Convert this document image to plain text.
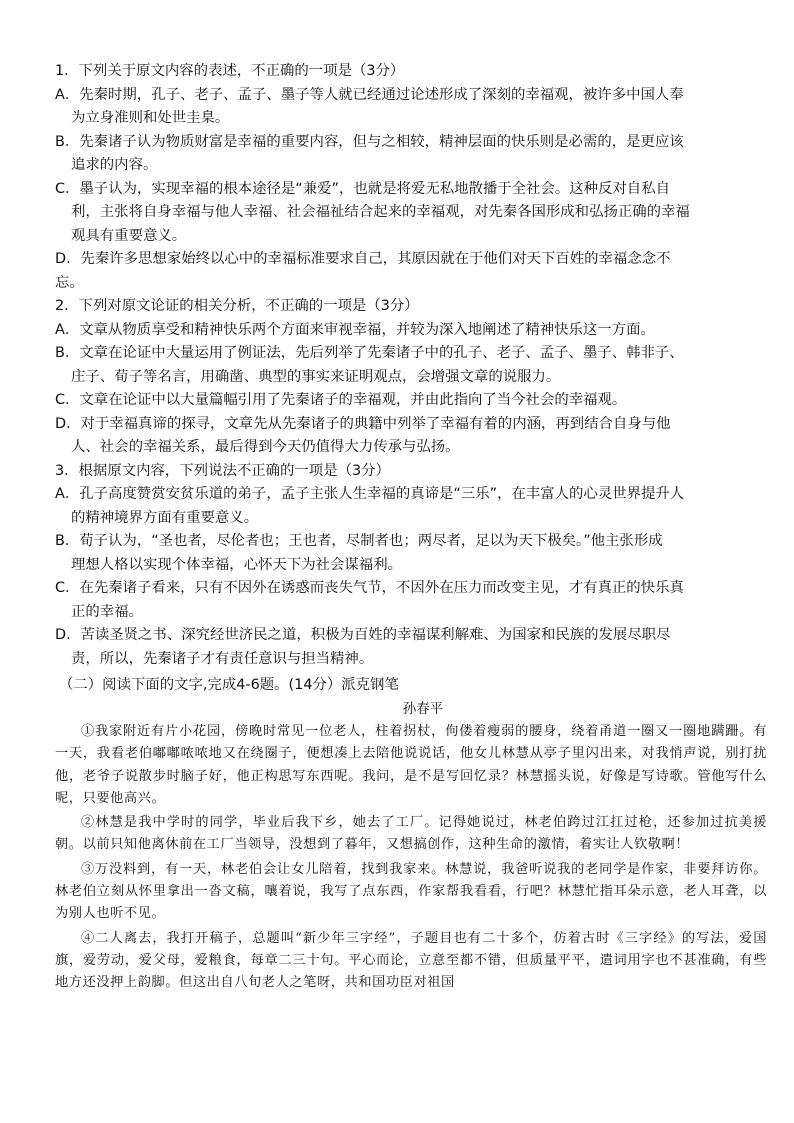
1．下列关于原文内容的表述，不正确的一项是（3分）
A．先秦时期，孔子、老子、孟子、墨子等人就已经通过论述形成了深刻的幸福观，被许多中国人奉
为立身准则和处世圭臬。
B．先秦诸子认为物质财富是幸福的重要内容，但与之相较，精神层面的快乐则是必需的，是更应该
追求的内容。
C．墨子认为，实现幸福的根本途径是“兼爱”，也就是将爱无私地散播于全社会。这种反对自私自
利，主张将自身幸福与他人幸福、社会福祉结合起来的幸福观，对先秦各国形成和弘扬正确的幸福
观具有重要意义。
D．先秦许多思想家始终以心中的幸福标准要求自己，其原因就在于他们对天下百姓的幸福念念不
忘。
2．下列对原文论证的相关分析，不正确的一项是（3分）
A．文章从物质享受和精神快乐两个方面来审视幸福，并较为深入地阐述了精神快乐这一方面。
B．文章在论证中大量运用了例证法，先后列举了先秦诸子中的孔子、老子、孟子、墨子、韩非子、
庄子、荀子等名言，用确凿、典型的事实来证明观点，会增强文章的说服力。
C．文章在论证中以大量篇幅引用了先秦诸子的幸福观，并由此指向了当今社会的幸福观。
D．对于幸福真谛的探寻，文章先从先秦诸子的典籍中列举了幸福有着的内涵，再到结合自身与他
人、社会的幸福关系，最后得到今天仍值得大力传承与弘扬。
3．根据原文内容，下列说法不正确的一项是（3分）
A．孔子高度赞赏安贫乐道的弟子，孟子主张人生幸福的真谛是“三乐”，在丰富人的心灵世界提升人
的精神境界方面有重要意义。
B．荀子认为，“圣也者，尽伦者也；王也者，尽制者也；两尽者，足以为天下极矣。”他主张形成
理想人格以实现个体幸福，心怀天下为社会谋福利。
C．在先秦诸子看来，只有不因外在诱惑而丧失气节，不因外在压力而改变主见，才有真正的快乐真
正的幸福。
D．苦读圣贤之书、深究经世济民之道，积极为百姓的幸福谋利解难、为国家和民族的发展尽职尽
责，所以，先秦诸子才有责任意识与担当精神。
（二）阅读下面的文字,完成4-6题。(14分）派克钢笔
孙春平

①我家附近有片小花园，傍晚时常见一位老人，柱着拐杖，佝偻着瘦弱的腰身，绕着甬道一圈又一圈地蹒跚。有一天，我看老伯嘟嘟哝哝地又在绕圈子，便想凑上去陪他说说话，他女儿林慧从亭子里闪出来，对我悄声说，别打扰他，老爷子说散步时脑子好，他正构思写东西呢。我问，是不是写回忆录？林慧摇头说，好像是写诗歌。管他写什么呢，只要他高兴。

②林慧是我中学时的同学，毕业后我下乡，她去了工厂。记得她说过，林老伯跨过江扛过枪，还参加过抗美援朝。以前只知他离休前在工厂当领导，没想到了暮年，又想搞创作，这种生命的激情，着实让人钦敬啊！

③万没料到，有一天，林老伯会让女儿陪着，找到我家来。林慧说，我爸听说我的老同学是作家，非要拜访你。林老伯立刻从怀里拿出一沓文稿，嚷着说，我写了点东西，作家帮我看看，行吧？林慧忙指耳朵示意，老人耳聋，以为别人也听不见。

④二人离去，我打开稿子，总题叫“新少年三字经”，子题目也有二十多个，仿着古时《三字经》的写法，爱国旗，爱劳动，爱父母，爱粮食，每章二三十句。平心而论，立意至都不错，但质量平平，遣词用字也不甚准确，有些地方还没押上韵脚。但这出自八旬老人之笔呀，共和国功臣对祖国
